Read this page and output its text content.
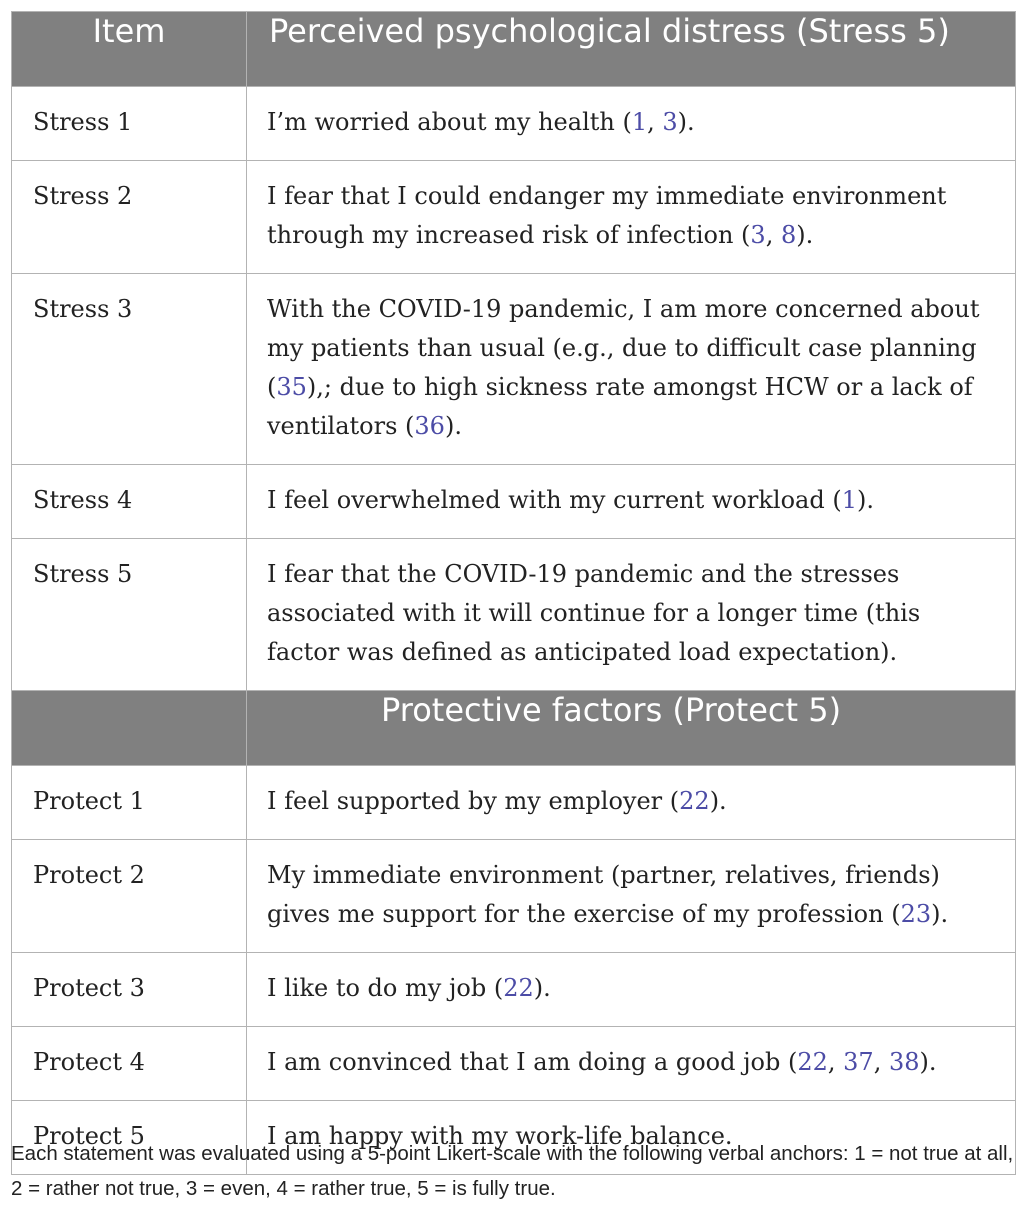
Item	Perceived psychological distress (Stress 5)
Stress 1	I’m worried about my health (1, 3).
Stress 2	I fear that I could endanger my immediate environment through my increased risk of infection (3, 8).
Stress 3	With the COVID-19 pandemic, I am more concerned about my patients than usual (e.g., due to difficult case planning (35),; due to high sickness rate amongst HCW or a lack of ventilators (36).
Stress 4	I feel overwhelmed with my current workload (1).
Stress 5	I fear that the COVID-19 pandemic and the stresses associated with it will continue for a longer time (this factor was defined as anticipated load expectation).
	Protective factors (Protect 5)
Protect 1	I feel supported by my employer (22).
Protect 2	My immediate environment (partner, relatives, friends) gives me support for the exercise of my profession (23).
Protect 3	I like to do my job (22).
Protect 4	I am convinced that I am doing a good job (22, 37, 38).
Protect 5	I am happy with my work-life balance.

Each statement was evaluated using a 5-point Likert-scale with the following verbal anchors: 1 = not true at all, 2 = rather not true, 3 = even, 4 = rather true, 5 = is fully true.
